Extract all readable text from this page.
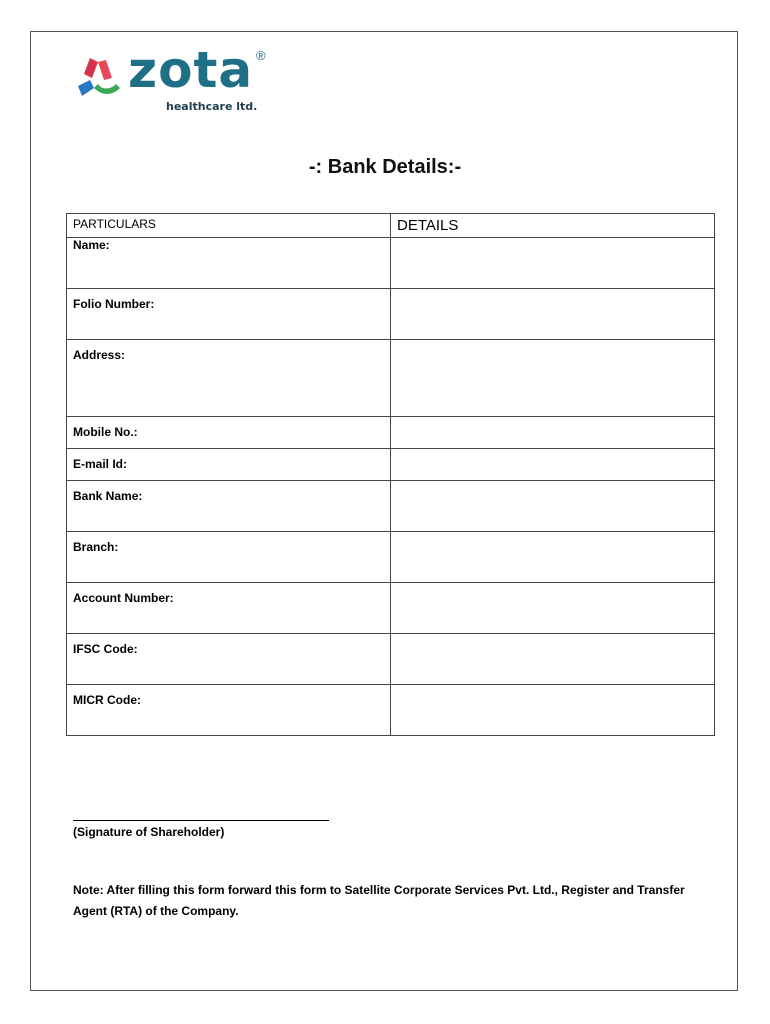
zota ®
healthcare ltd.
-: Bank Details:-
PARTICULARS	DETAILS

Name:	

Folio Number:	

Address:	

Mobile No.:	

E-mail Id:	

Bank Name:	

Branch:	

Account Number:	

IFSC Code:	

MICR Code:	

(Signature of Shareholder)
Note: After filling this form forward this form to Satellite Corporate Services Pvt. Ltd., Register and Transfer Agent (RTA) of the Company.
